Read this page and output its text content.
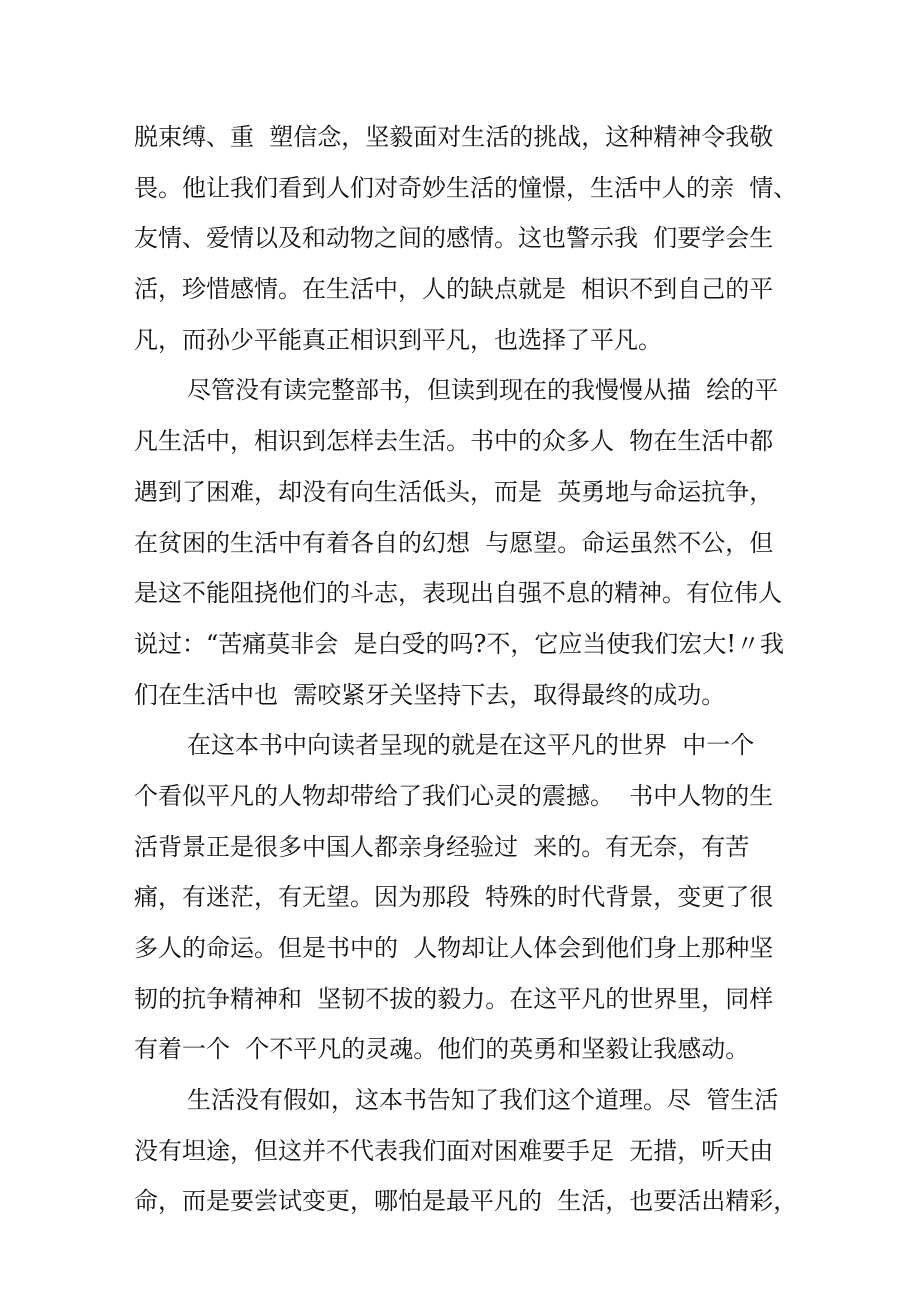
脱束缚、重  塑信念，坚毅面对生活的挑战，这种精神令我敬
畏。他让我们看到人们对奇妙生活的憧憬，生活中人的亲  情、
友情、爱情以及和动物之间的感情。这也警示我  们要学会生
活，珍惜感情。在生活中，人的缺点就是  相识不到自己的平
凡，而孙少平能真正相识到平凡，也选择了平凡。
尽管没有读完整部书，但读到现在的我慢慢从描  绘的平
凡生活中，相识到怎样去生活。书中的众多人  物在生活中都
遇到了困难，却没有向生活低头，而是  英勇地与命运抗争，
在贫困的生活中有着各自的幻想  与愿望。命运虽然不公，但
是这不能阻挠他们的斗志，表现出自强不息的精神。有位伟人
说过：“苦痛莫非会  是白受的吗?不，它应当使我们宏大!〃我
们在生活中也  需咬紧牙关坚持下去，取得最终的成功。
在这本书中向读者呈现的就是在这平凡的世界  中一个
个看似平凡的人物却带给了我们心灵的震撼。  书中人物的生
活背景正是很多中国人都亲身经验过  来的。有无奈，有苦
痛，有迷茫，有无望。因为那段  特殊的时代背景，变更了很
多人的命运。但是书中的  人物却让人体会到他们身上那种坚
韧的抗争精神和  坚韧不拔的毅力。在这平凡的世界里，同样
有着一个  个不平凡的灵魂。他们的英勇和坚毅让我感动。
生活没有假如，这本书告知了我们这个道理。尽  管生活
没有坦途，但这并不代表我们面对困难要手足  无措，听天由
命，而是要尝试变更，哪怕是最平凡的  生活，也要活出精彩，
